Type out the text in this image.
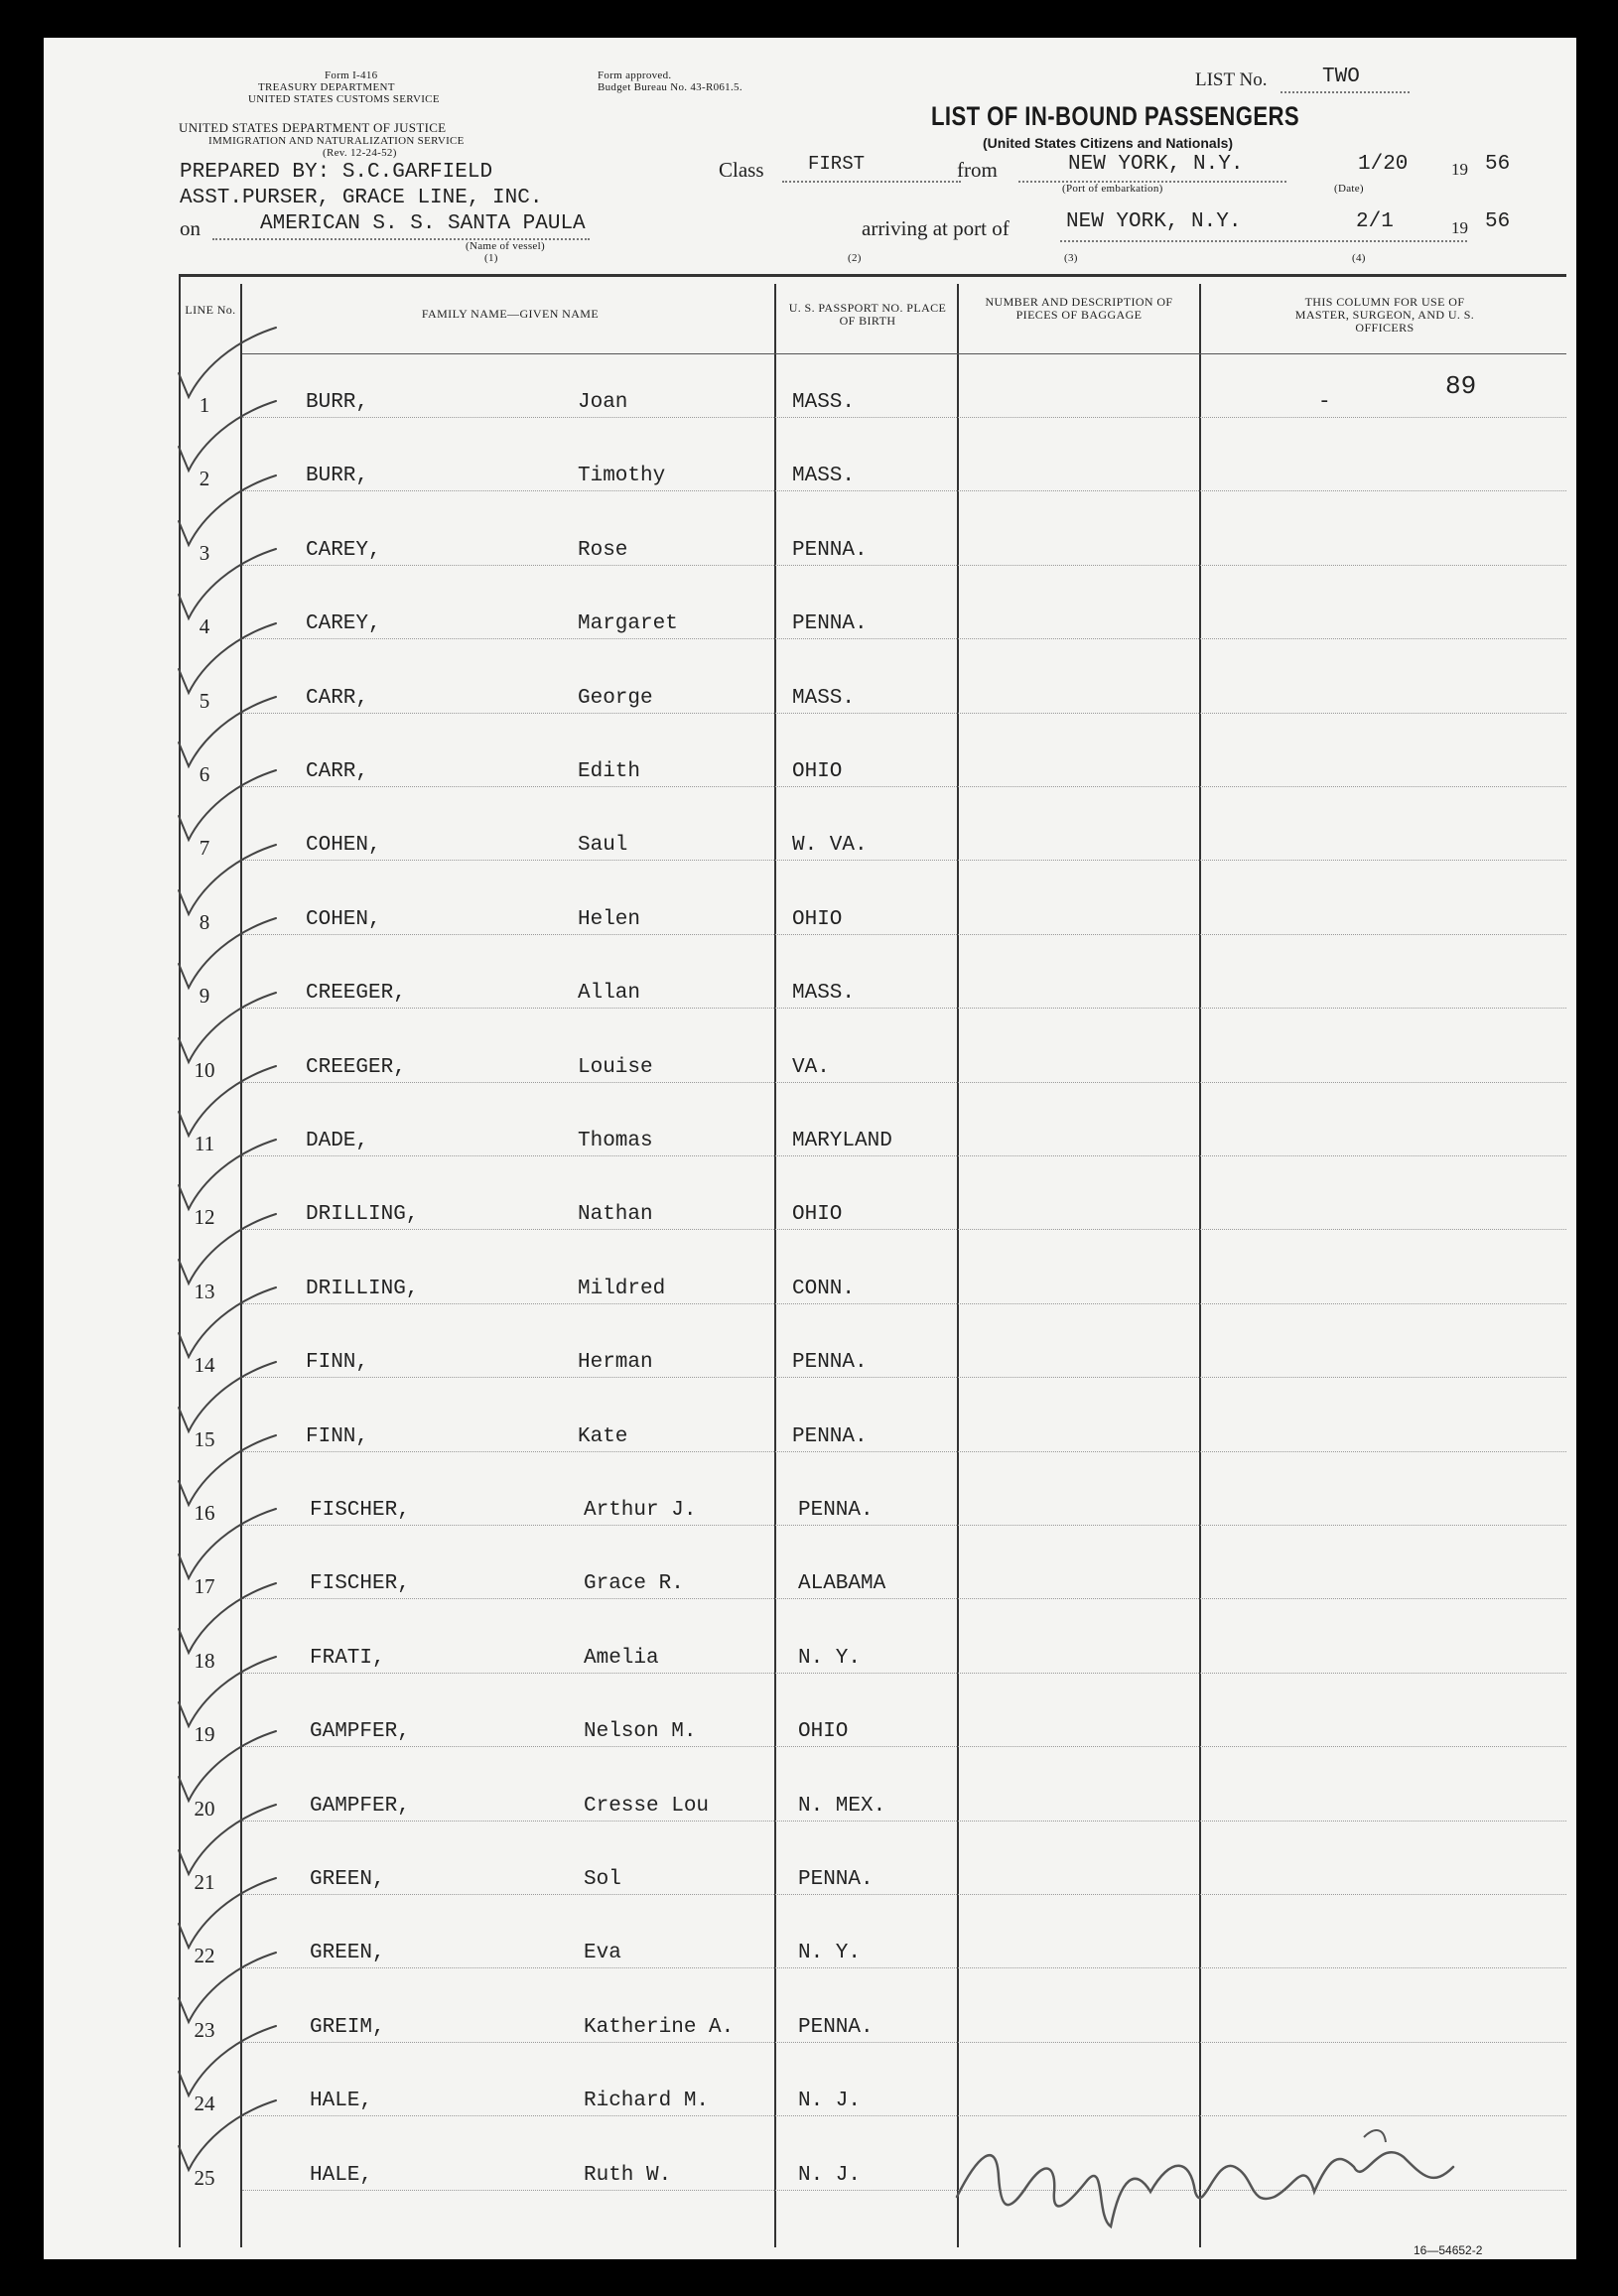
Form I-416
TREASURY DEPARTMENT
UNITED STATES CUSTOMS SERVICE
Form approved.
Budget Bureau No. 43-R061.5.
UNITED STATES DEPARTMENT OF JUSTICE
IMMIGRATION AND NATURALIZATION SERVICE
(Rev. 12-24-52)
LIST No.	TWO
LIST OF IN-BOUND PASSENGERS
(United States Citizens and Nationals)
PREPARED BY: S.C.GARFIELD
ASST.PURSER, GRACE LINE, INC.
on	AMERICAN S. S. SANTA PAULA
(Name of vessel)
(1)
Class FIRST	from	NEW YORK, N.Y.
(Port of embarkation)
1/20
(Date)
19 56
arriving at port of	NEW YORK, N.Y.	2/1	19 56
(2)	(3)	(4)
LINE No.	FAMILY NAME—GIVEN NAME	U. S. PASSPORT NO. PLACE OF BIRTH
NUMBER AND DESCRIPTION OF PIECES OF BAGGAGE
THIS COLUMN FOR USE OF MASTER, SURGEON, AND U. S. OFFICERS
89
-
1	BURR,	Joan	MASS.
2	BURR,	Timothy	MASS.
3	CAREY,	Rose	PENNA.
4	CAREY,	Margaret	PENNA.
5	CARR,	George	MASS.
6	CARR,	Edith	OHIO
7	COHEN,	Saul	W. VA.
8	COHEN,	Helen	OHIO
9	CREEGER,	Allan	MASS.
10	CREEGER,	Louise	VA.
11	DADE,	Thomas	MARYLAND
12	DRILLING,	Nathan	OHIO
13	DRILLING,	Mildred	CONN.
14	FINN,	Herman	PENNA.
15	FINN,	Kate	PENNA.
16	FISCHER,	Arthur J.	PENNA.
17	FISCHER,	Grace R.	ALABAMA
18	FRATI,	Amelia	N. Y.
19	GAMPFER,	Nelson M.	OHIO
20	GAMPFER,	Cresse Lou	N. MEX.
21	GREEN,	Sol	PENNA.
22	GREEN,	Eva	N. Y.
23	GREIM,	Katherine A.	PENNA.
24	HALE,	Richard M.	N. J.
25	HALE,	Ruth W.	N. J.
16—54652-2
